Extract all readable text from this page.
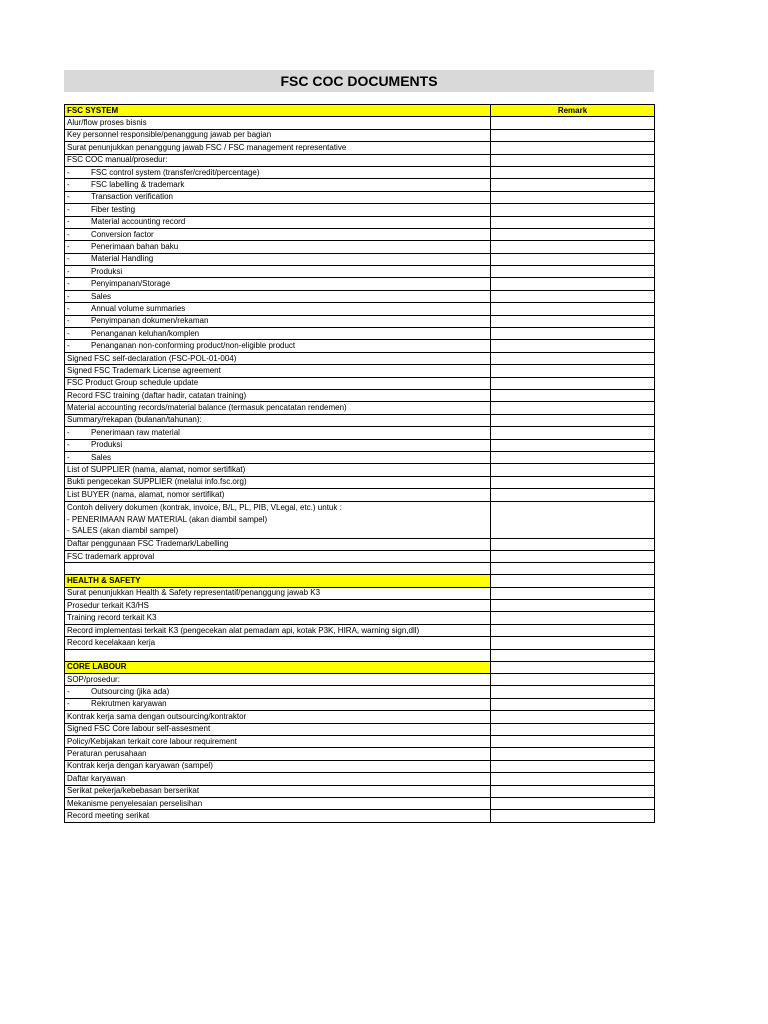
FSC COC DOCUMENTS
FSC SYSTEM	Remark
Alur/flow proses bisnis	
Key personnel responsible/penanggung jawab per bagian	
Surat penunjukkan penanggung jawab FSC / FSC management representative	
FSC COC manual/prosedur:	
- FSC control system (transfer/credit/percentage)	
- FSC labelling & trademark	
- Transaction verification	
- Fiber testing	
- Material accounting record	
- Conversion factor	
- Penerimaan bahan baku	
- Material Handling	
- Produksi	
- Penyimpanan/Storage	
- Sales	
- Annual volume summaries	
- Penyimpanan dokumen/rekaman	
- Penanganan keluhan/komplen	
- Penanganan non-conforming product/non-eligible product	
Signed FSC self-declaration (FSC-POL-01-004)	
Signed FSC Trademark License agreement	
FSC Product Group schedule update	
Record FSC training (daftar hadir, catatan training)	
Material accounting records/material balance (termasuk pencatatan rendemen)	
Summary/rekapan (bulanan/tahunan):	
- Penerimaan raw material	
- Produksi	
- Sales	
List of SUPPLIER (nama, alamat, nomor sertifikat)	
Bukti pengecekan SUPPLIER (melalui info.fsc.org)	
List BUYER (nama, alamat, nomor sertifikat)	

Contoh delivery dokumen (kontrak, invoice, B/L, PL, PIB, VLegal, etc.) untuk :
- PENERIMAAN RAW MATERIAL (akan diambil sampel)
- SALES (akan diambil sampel)	

Daftar penggunaan FSC Trademark/Labelling	
FSC trademark approval	

HEALTH & SAFETY	
Surat penunjukkan Health & Safety representatif/penanggung jawab K3	
Prosedur terkait K3/HS	
Training record terkait K3	
Record implementasi terkait K3 (pengecekan alat pemadam api, kotak P3K, HIRA, warning sign,dll)	
Record kecelakaan kerja	

CORE LABOUR	
SOP/prosedur:	
- Outsourcing (jika ada)	
- Rekrutmen karyawan	
Kontrak kerja sama dengan outsourcing/kontraktor	
Signed FSC Core labour self-assesment	
Policy/Kebijakan terkait core labour requirement	
Peraturan perusahaan	
Kontrak kerja dengan karyawan (sampel)	
Daftar karyawan	
Serikat pekerja/kebebasan berserikat	
Mekanisme penyelesaian perselisihan	
Record meeting serikat	
